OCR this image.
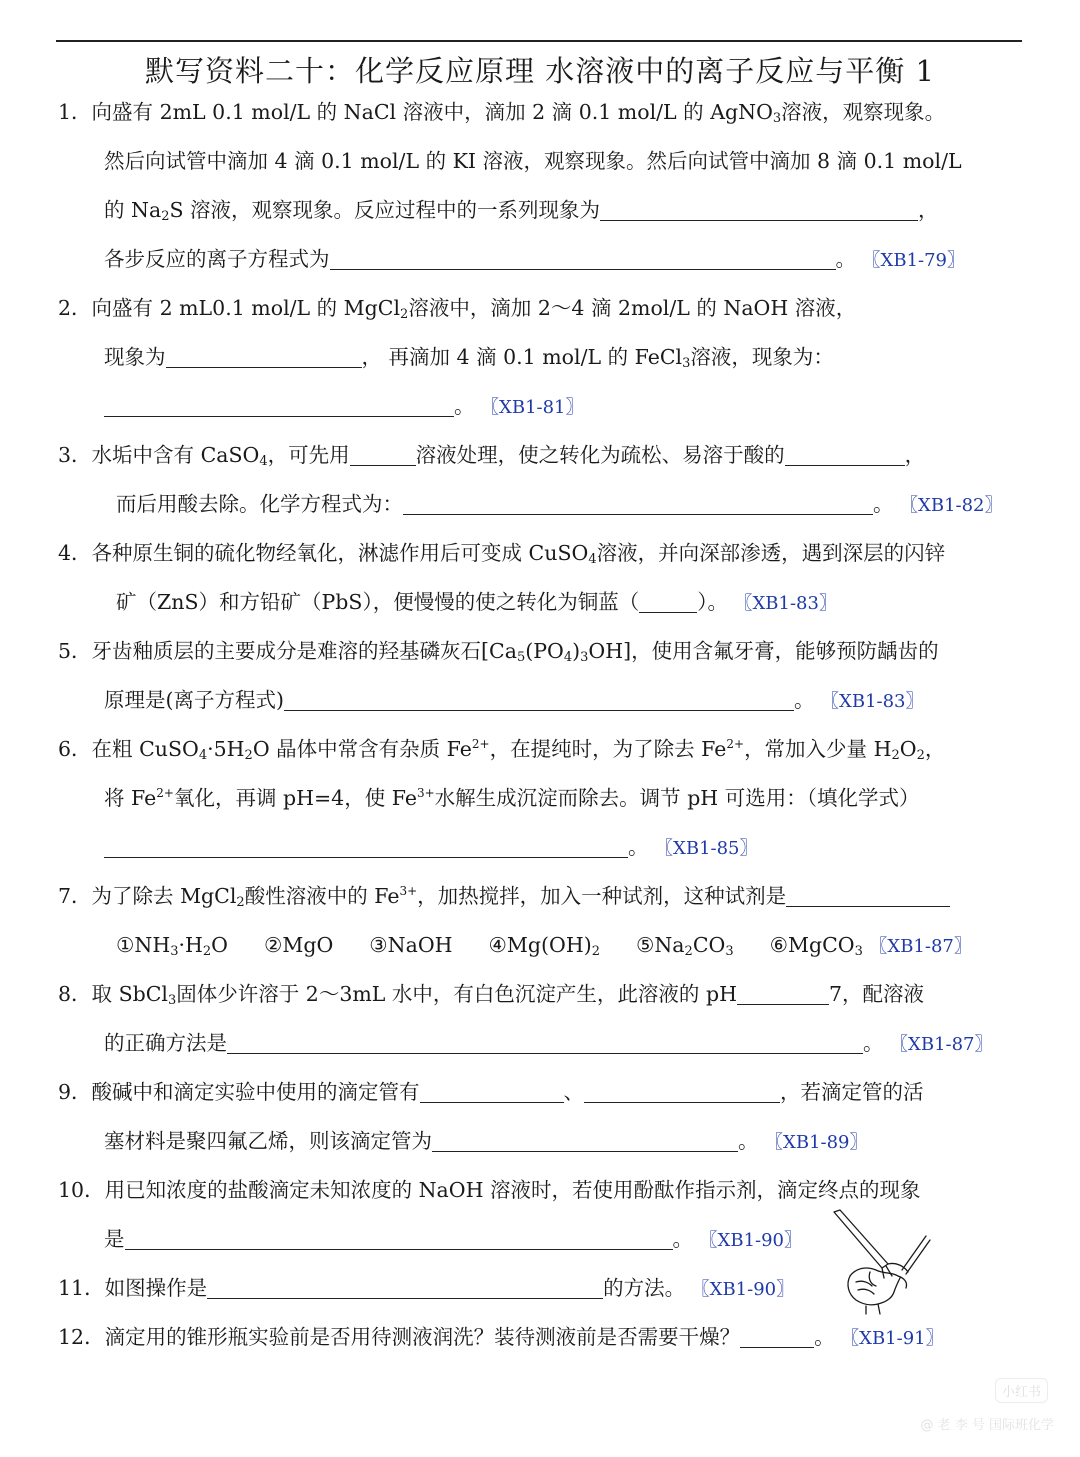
默写资料二十：化学反应原理 水溶液中的离子反应与平衡 1
1．向盛有 2mL 0.1 mol/L 的 NaCl 溶液中，滴加 2 滴 0.1 mol/L 的 AgNO$_3$溶液，观察现象。
然后向试管中滴加 4 滴 0.1 mol/L 的 KI 溶液，观察现象。然后向试管中滴加 8 滴 0.1 mol/L
的 $Na_2S$ 溶液，观察现象。反应过程中的一系列现象为	，
各步反应的离子方程式为	。 〖XB1-79〗
2．向盛有 2 mL0.1 mol/L 的 MgCl$_2$溶液中，滴加 2～4 滴 2mol/L 的 NaOH 溶液，
现象为	， 再滴加 4 滴 0.1 mol/L 的 FeCl$_3$溶液，现象为：
。 〖XB1-81〗
3．水垢中含有 CaSO$_4$，可先用	溶液处理，使之转化为疏松、易溶于酸的	，
而后用酸去除。化学方程式为：	。 〖XB1-82〗
4．各种原生铜的硫化物经氧化，淋滤作用后可变成 CuSO$_4$溶液，并向深部渗透，遇到深层的闪锌
矿（ZnS）和方铅矿（PbS），便慢慢的使之转化为铜蓝（	）。 〖XB1-83〗
5．牙齿釉质层的主要成分是难溶的羟基磷灰石$[Ca_5(PO_4)_3OH]$，使用含氟牙膏，能够预防龋齿的
原理是(离子方程式)	。 〖XB1-83〗
6．在粗 $CuSO_4\cdot 5H_2O$ 晶体中常含有杂质 $Fe^{2+}$，在提纯时，为了除去 $Fe^{2+}$，常加入少量 $H_2O_2$，
将 $Fe^{2+}$氧化，再调 pH=4，使 $Fe^{3+}$水解生成沉淀而除去。调节 pH 可选用：（填化学式）
。 〖XB1-85〗
7．为了除去 MgCl$_2$酸性溶液中的 $Fe^{3+}$，加热搅拌，加入一种试剂，这种试剂是
$①NH_3\cdot H_2O$ ②MgO ③NaOH $④Mg(OH)_2$ $⑤Na_2CO_3$ ⑥MgCO$_3$ 〖XB1-87〗
8．取 SbCl$_3$固体少许溶于 2～3mL 水中，有白色沉淀产生，此溶液的 pH	7，配溶液
的正确方法是	。 〖XB1-87〗
9．酸碱中和滴定实验中使用的滴定管有	、	，若滴定管的活
塞材料是聚四氟乙烯，则该滴定管为	。 〖XB1-89〗
10．用已知浓度的盐酸滴定未知浓度的 NaOH 溶液时，若使用酚酞作指示剂，滴定终点的现象
是	。 〖XB1-90〗
11．如图操作是	的方法。 〖XB1-90〗
12．滴定用的锥形瓶实验前是否用待测液润洗？装待测液前是否需要干燥？	。 〖XB1-91〗
小红书
@ 老 李 号 国际班化学
